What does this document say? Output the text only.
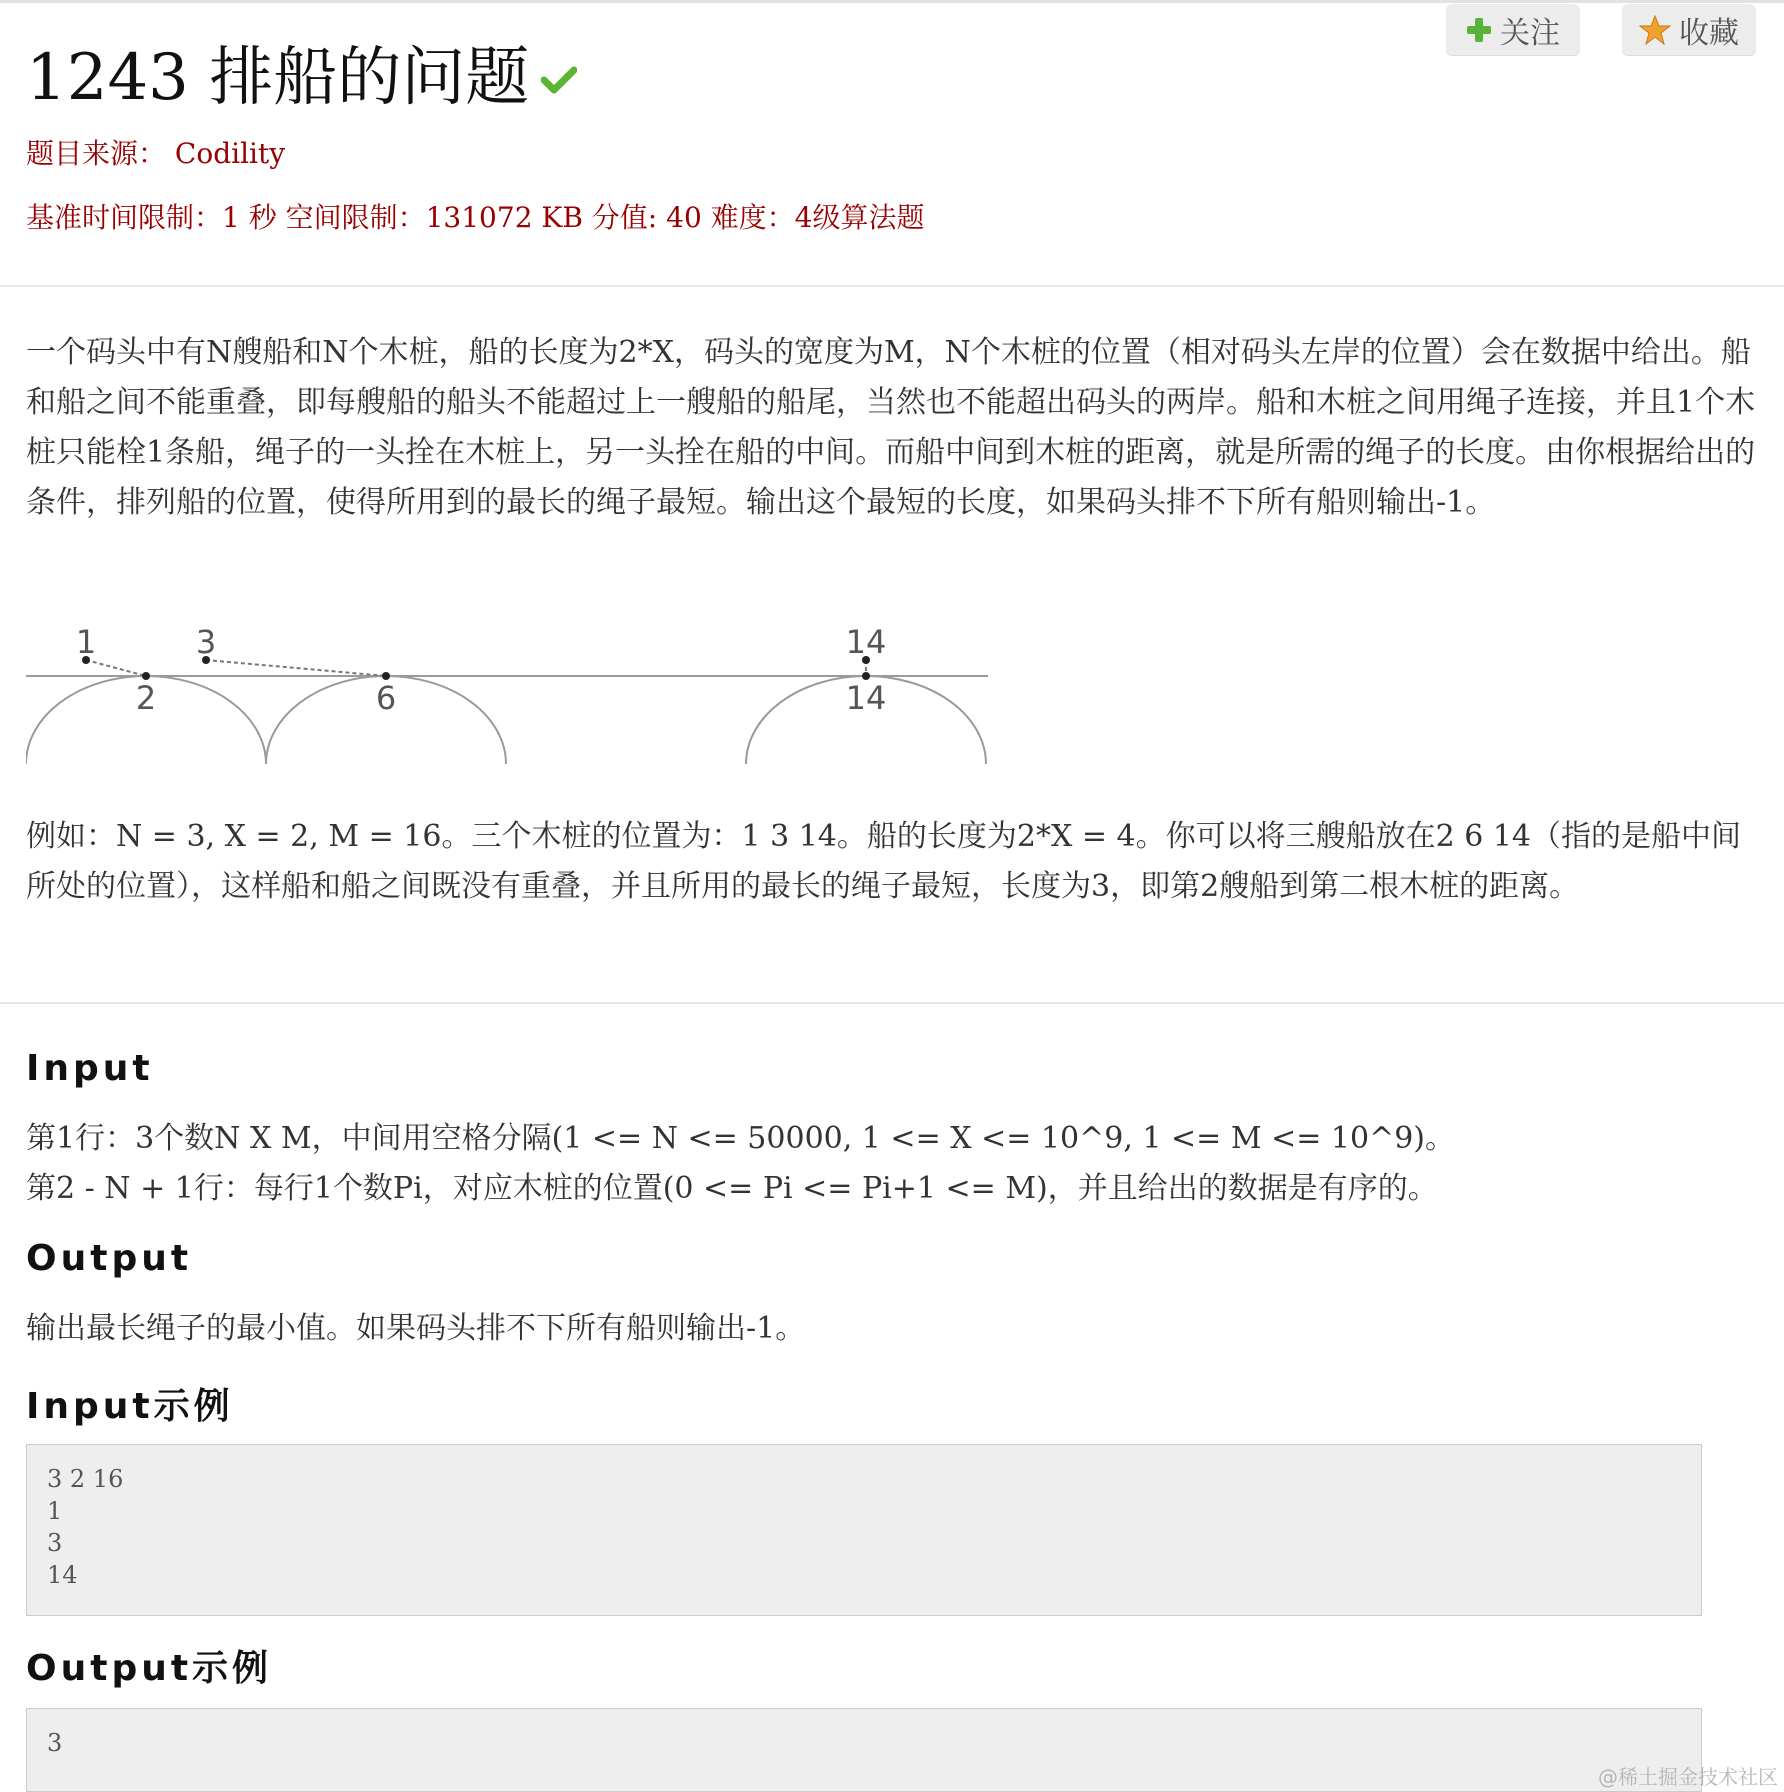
1243 排船的问题
关注	收藏
题目来源： Codility
基准时间限制：1 秒 空间限制：131072 KB 分值: 40 难度：4级算法题
一个码头中有N艘船和N个木桩，船的长度为2*X，码头的宽度为M，N个木桩的位置（相对码头左岸的位置）会在数据中给出。船和船之间不能重叠，即每艘船的船头不能超过上一艘船的船尾，当然也不能超出码头的两岸。船和木桩之间用绳子连接，并且1个木桩只能栓1条船，绳子的一头拴在木桩上，另一头拴在船的中间。而船中间到木桩的距离，就是所需的绳子的长度。由你根据给出的条件，排列船的位置，使得所用到的最长的绳子最短。输出这个最短的长度，如果码头排不下所有船则输出-1。
1	3	14
2	6	14
例如：N = 3, X = 2, M = 16。三个木桩的位置为：1 3 14。船的长度为2*X = 4。你可以将三艘船放在2 6 14（指的是船中间所处的位置），这样船和船之间既没有重叠，并且所用的最长的绳子最短，长度为3，即第2艘船到第二根木桩的距离。
Input
第1行：3个数N X M，中间用空格分隔(1 <= N <= 50000, 1 <= X <= 10^9, 1 <= M <= 10^9)。
第2 - N + 1行：每行1个数Pi，对应木桩的位置(0 <= Pi <= Pi+1 <= M)，并且给出的数据是有序的。
Output
输出最长绳子的最小值。如果码头排不下所有船则输出-1。
Input示例
3 2 16
1
3
14
Output示例
3
@稀土掘金技术社区
